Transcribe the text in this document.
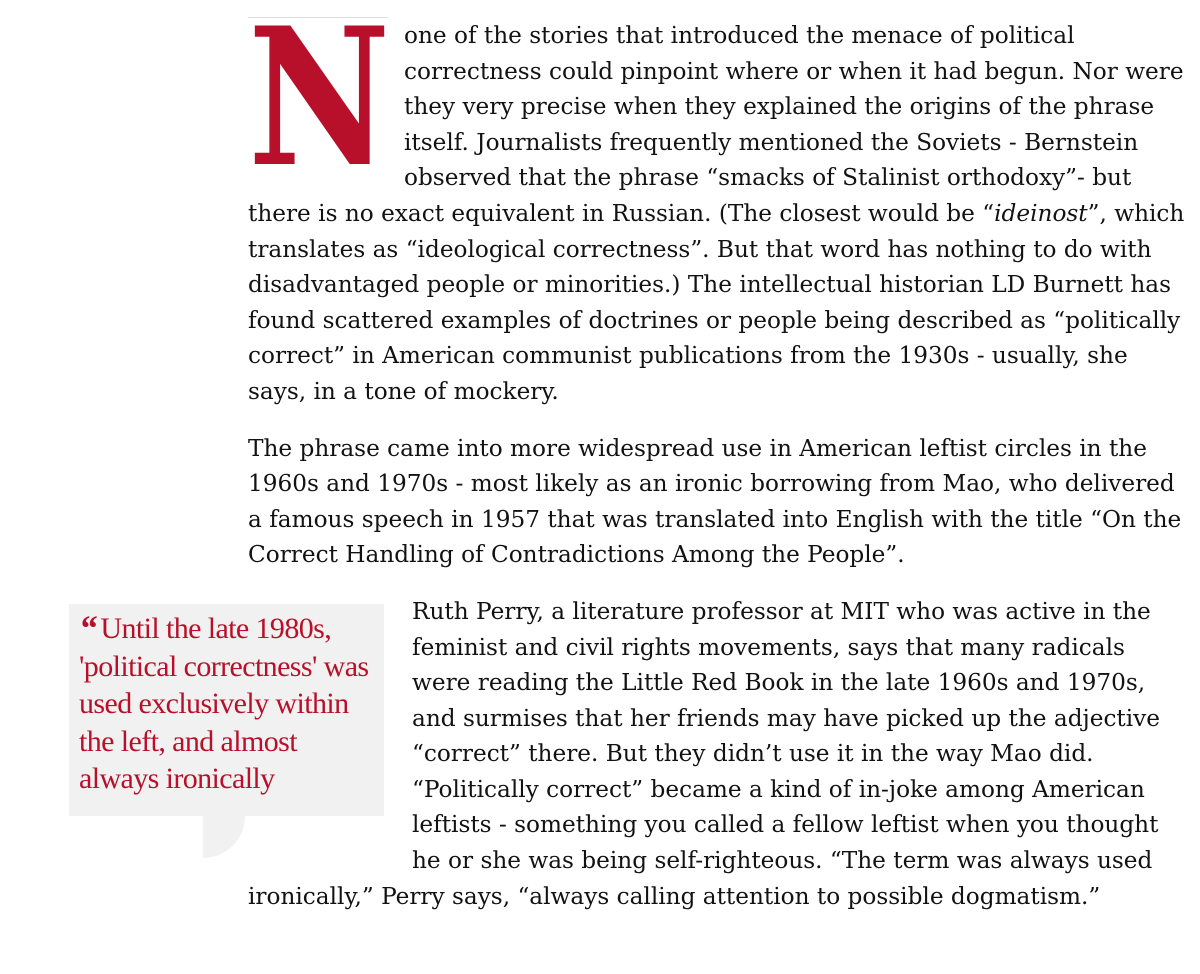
None of the stories that introduced the menace of political correctness could pinpoint where or when it had begun. Nor were they very precise when they explained the origins of the phrase itself. Journalists frequently mentioned the Soviets - Bernstein observed that the phrase “smacks of Stalinist orthodoxy”- but there is no exact equivalent in Russian. (The closest would be “ideinost”, which translates as “ideological correctness”. But that word has nothing to do with disadvantaged people or minorities.) The intellectual historian LD Burnett has found scattered examples of doctrines or people being described as “politically correct” in American communist publications from the 1930s - usually, she says, in a tone of mockery.

The phrase came into more widespread use in American leftist circles in the 1960s and 1970s - most likely as an ironic borrowing from Mao, who delivered a famous speech in 1957 that was translated into English with the title “On the Correct Handling of Contradictions Among the People”.

“ Until the late 1980s, 'political correctness' was used exclusively within the left, and almost always ironically

Ruth Perry, a literature professor at MIT who was active in the feminist and civil rights movements, says that many radicals were reading the Little Red Book in the late 1960s and 1970s, and surmises that her friends may have picked up the adjective “correct” there. But they didn’t use it in the way Mao did. “Politically correct” became a kind of in-joke among American leftists - something you called a fellow leftist when you thought he or she was being self-righteous. “The term was always used ironically,” Perry says, “always calling attention to possible dogmatism.”
